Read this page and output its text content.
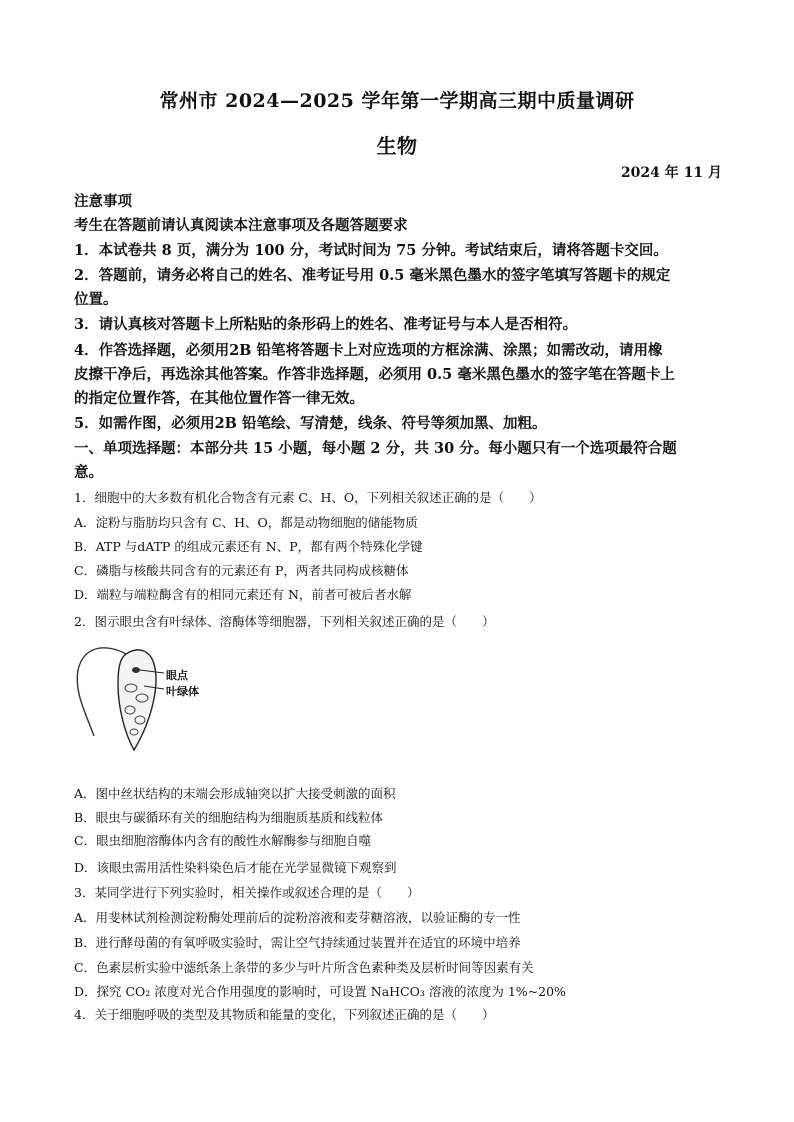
常州市 2024—2025 学年第一学期高三期中质量调研
生物
2024 年 11 月
注意事项
考生在答题前请认真阅读本注意事项及各题答题要求
1．本试卷共 8 页，满分为 100 分，考试时间为 75 分钟。考试结束后，请将答题卡交回。
2．答题前，请务必将自己的姓名、准考证号用 0.5 毫米黑色墨水的签字笔填写答题卡的规定
位置。
3．请认真核对答题卡上所粘贴的条形码上的姓名、准考证号与本人是否相符。
4．作答选择题，必须用2B 铅笔将答题卡上对应选项的方框涂满、涂黑；如需改动，请用橡
皮擦干净后，再选涂其他答案。作答非选择题，必须用 0.5 毫米黑色墨水的签字笔在答题卡上
的指定位置作答，在其他位置作答一律无效。
5．如需作图，必须用2B 铅笔绘、写清楚，线条、符号等须加黑、加粗。
一、单项选择题：本部分共 15 小题，每小题 2 分，共 30 分。每小题只有一个选项最符合题
意。
1．细胞中的大多数有机化合物含有元素 C、H、O，下列相关叙述正确的是（　　）
A．淀粉与脂肪均只含有 C、H、O，都是动物细胞的储能物质
B．ATP 与dATP 的组成元素还有 N、P，都有两个特殊化学键
C．磷脂与核酸共同含有的元素还有 P，两者共同构成核糖体
D．端粒与端粒酶含有的相同元素还有 N，前者可被后者水解
2．图示眼虫含有叶绿体、溶酶体等细胞器，下列相关叙述正确的是（　　）
眼点
叶绿体
A．图中丝状结构的末端会形成轴突以扩大接受刺激的面积
B．眼虫与碳循环有关的细胞结构为细胞质基质和线粒体
C．眼虫细胞溶酶体内含有的酸性水解酶参与细胞自噬
D．该眼虫需用活性染料染色后才能在光学显微镜下观察到
3．某同学进行下列实验时，相关操作或叙述合理的是（　　）
A．用斐林试剂检测淀粉酶处理前后的淀粉溶液和麦芽糖溶液，以验证酶的专一性
B．进行酵母菌的有氧呼吸实验时，需让空气持续通过装置并在适宜的环境中培养
C．色素层析实验中滤纸条上条带的多少与叶片所含色素种类及层析时间等因素有关
D．探究 CO₂ 浓度对光合作用强度的影响时，可设置 NaHCO₃ 溶液的浓度为 1%~20%
4．关于细胞呼吸的类型及其物质和能量的变化，下列叙述正确的是（　　）
